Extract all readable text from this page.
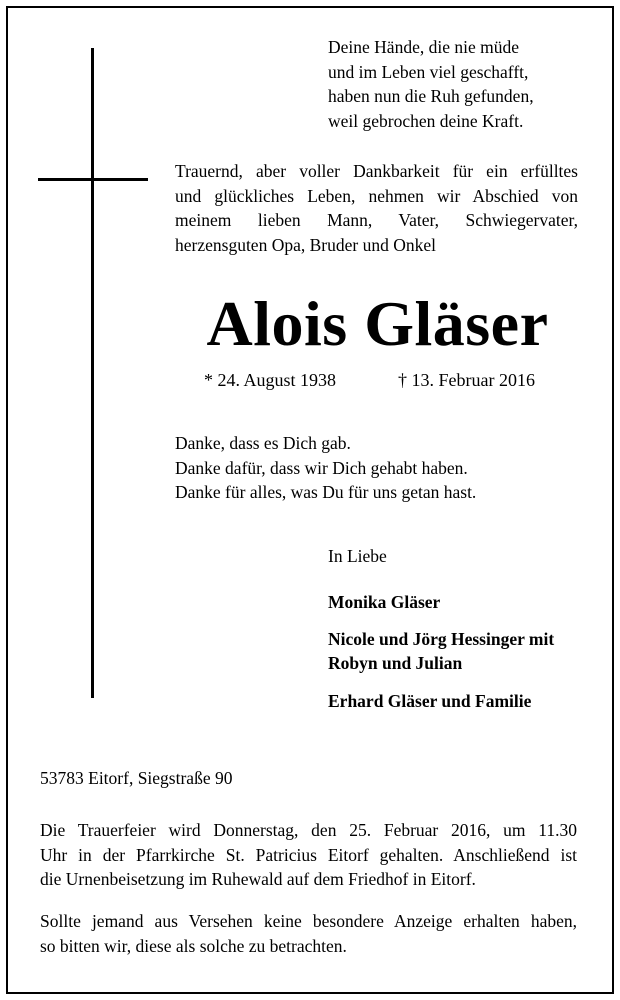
Deine Hände, die nie müde
und im Leben viel geschafft,
haben nun die Ruh gefunden,
weil gebrochen deine Kraft.
Trauernd, aber voller Dankbarkeit für ein erfülltes
und glückliches Leben, nehmen wir Abschied von
meinem lieben Mann, Vater, Schwiegervater,
herzensguten Opa, Bruder und Onkel
Alois Gläser
* 24. August 1938	† 13. Februar 2016
Danke, dass es Dich gab.
Danke dafür, dass wir Dich gehabt haben.
Danke für alles, was Du für uns getan hast.
In Liebe
Monika Gläser
Nicole und Jörg Hessinger mit
Robyn und Julian
Erhard Gläser und Familie
53783 Eitorf, Siegstraße 90
Die Trauerfeier wird Donnerstag, den 25. Februar 2016, um 11.30
Uhr in der Pfarrkirche St. Patricius Eitorf gehalten. Anschließend ist
die Urnenbeisetzung im Ruhewald auf dem Friedhof in Eitorf.
Sollte jemand aus Versehen keine besondere Anzeige erhalten haben,
so bitten wir, diese als solche zu betrachten.
